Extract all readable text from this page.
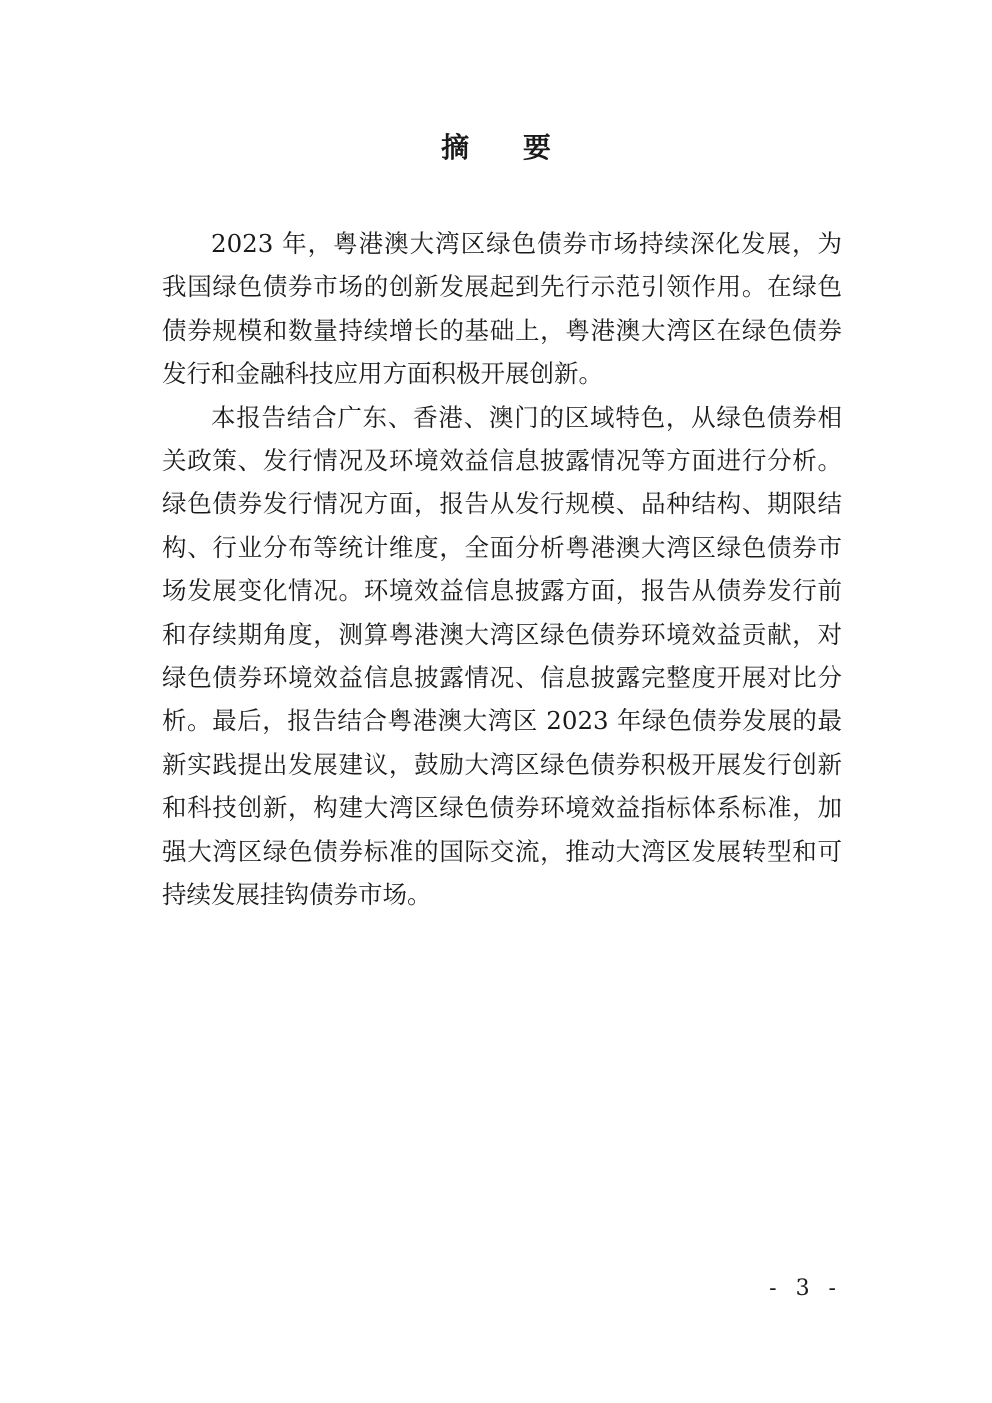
摘 要

2023 年，粤港澳大湾区绿色债券市场持续深化发展，为我国绿色债券市场的创新发展起到先行示范引领作用。在绿色债券规模和数量持续增长的基础上，粤港澳大湾区在绿色债券发行和金融科技应用方面积极开展创新。

本报告结合广东、香港、澳门的区域特色，从绿色债券相关政策、发行情况及环境效益信息披露情况等方面进行分析。绿色债券发行情况方面，报告从发行规模、品种结构、期限结构、行业分布等统计维度，全面分析粤港澳大湾区绿色债券市场发展变化情况。环境效益信息披露方面，报告从债券发行前和存续期角度，测算粤港澳大湾区绿色债券环境效益贡献，对绿色债券环境效益信息披露情况、信息披露完整度开展对比分析。最后，报告结合粤港澳大湾区 2023 年绿色债券发展的最新实践提出发展建议，鼓励大湾区绿色债券积极开展发行创新和科技创新，构建大湾区绿色债券环境效益指标体系标准，加强大湾区绿色债券标准的国际交流，推动大湾区发展转型和可持续发展挂钩债券市场。

- 3 -
